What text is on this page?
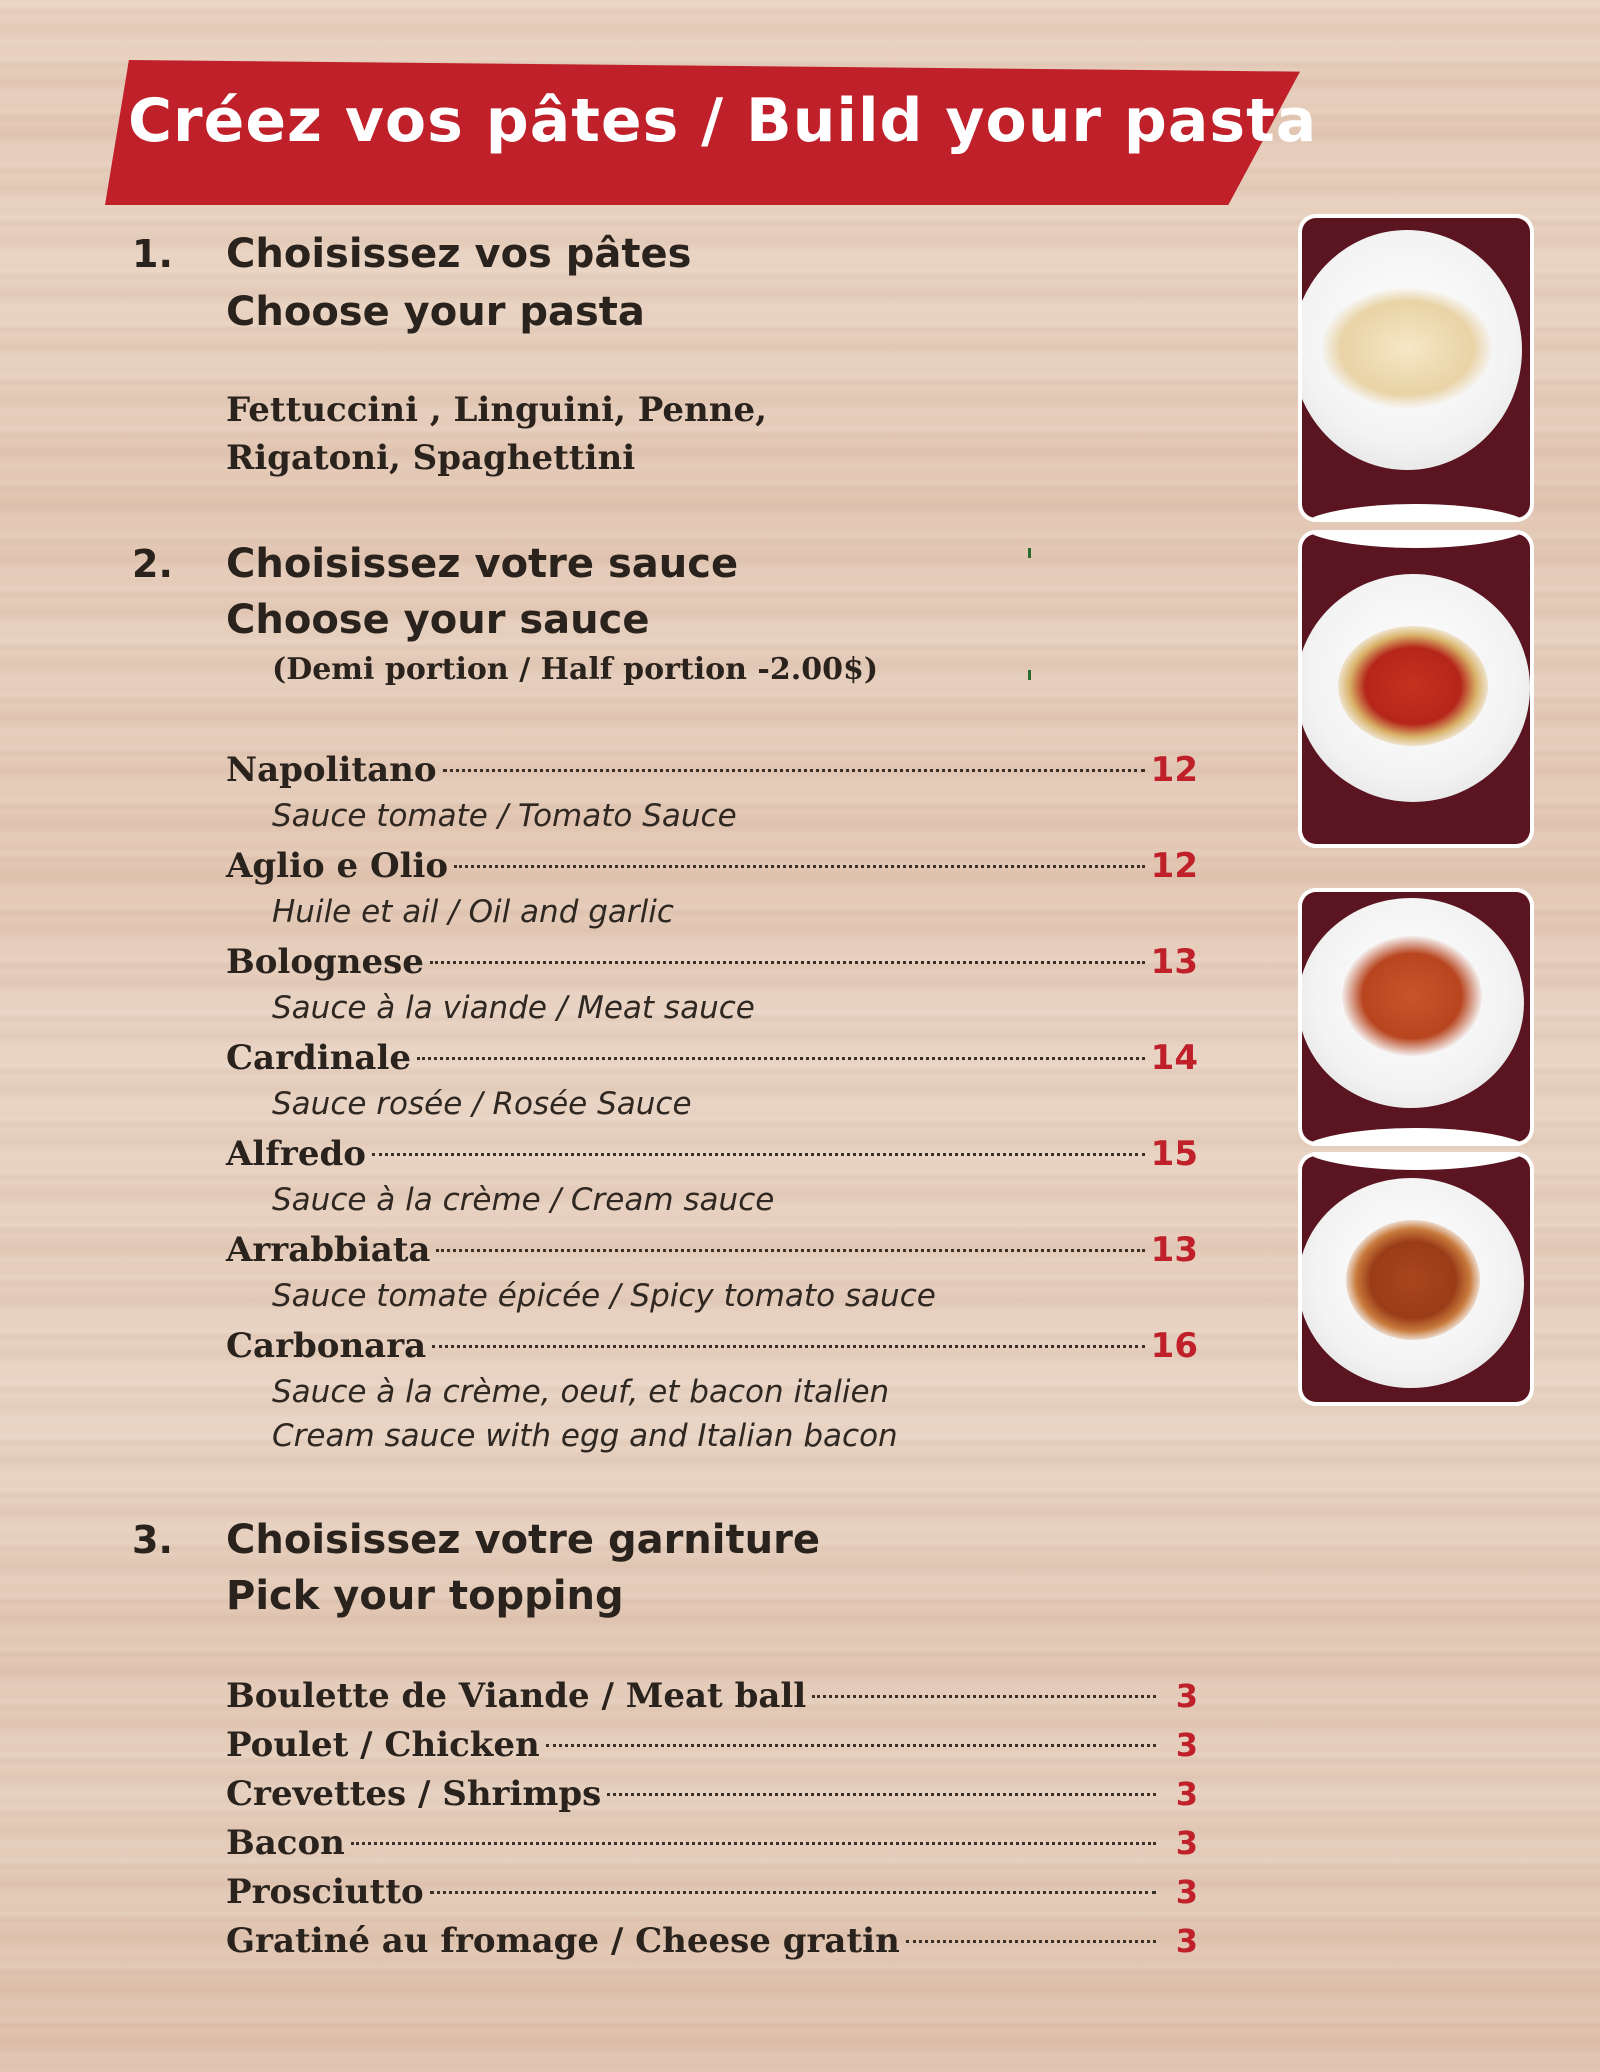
Créez vos pâtes / Build your pasta
1. Choisissez vos pâtes
Choose your pasta
Fettuccini , Linguini, Penne,
Rigatoni, Spaghettini
2. Choisissez votre sauce
Choose your sauce
(Demi portion / Half portion -2.00$)
Napolitano	12
Sauce tomate / Tomato Sauce
Aglio e Olio	12
Huile et ail / Oil and garlic
Bolognese	13
Sauce à la viande / Meat sauce
Cardinale	14
Sauce rosée / Rosée Sauce
Alfredo	15
Sauce à la crème / Cream sauce
Arrabbiata	13
Sauce tomate épicée / Spicy tomato sauce
Carbonara	16
Sauce à la crème, oeuf, et bacon italien
Cream sauce with egg and Italian bacon
3. Choisissez votre garniture
Pick your topping
Boulette de Viande / Meat ball	3
Poulet / Chicken	3
Crevettes / Shrimps	3
Bacon	3
Prosciutto	3
Gratiné au fromage / Cheese gratin	3
